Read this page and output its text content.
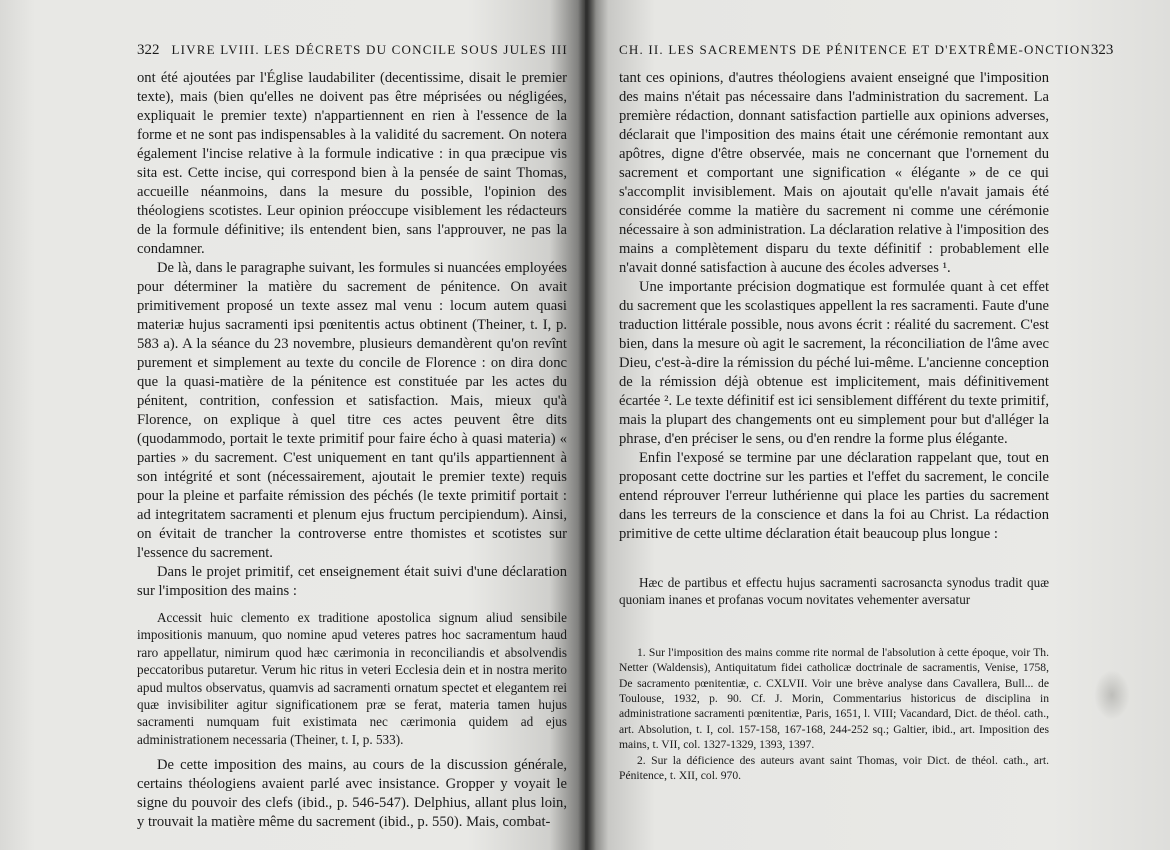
322 LIVRE LVIII. LES DÉCRETS DU CONCILE SOUS JULES III

ont été ajoutées par l'Église laudabiliter (decentissime, disait le premier texte), mais (bien qu'elles ne doivent pas être méprisées ou négligées, expliquait le premier texte) n'appartiennent en rien à l'essence de la forme et ne sont pas indispensables à la validité du sacrement. On notera également l'incise relative à la formule indicative : in qua præcipue vis sita est. Cette incise, qui correspond bien à la pensée de saint Thomas, accueille néanmoins, dans la mesure du possible, l'opinion des théologiens scotistes. Leur opinion préoccupe visiblement les rédacteurs de la formule définitive; ils entendent bien, sans l'approuver, ne pas la condamner.

De là, dans le paragraphe suivant, les formules si nuancées employées pour déterminer la matière du sacrement de pénitence. On avait primitivement proposé un texte assez mal venu : locum autem quasi materiæ hujus sacramenti ipsi pœnitentis actus obtinent (Theiner, t. I, p. 583 a). A la séance du 23 novembre, plusieurs demandèrent qu'on revînt purement et simplement au texte du concile de Florence : on dira donc que la quasi-matière de la pénitence est constituée par les actes du pénitent, contrition, confession et satisfaction. Mais, mieux qu'à Florence, on explique à quel titre ces actes peuvent être dits (quodammodo, portait le texte primitif pour faire écho à quasi materia) « parties » du sacrement. C'est uniquement en tant qu'ils appartiennent à son intégrité et sont (nécessairement, ajoutait le premier texte) requis pour la pleine et parfaite rémission des péchés (le texte primitif portait : ad integritatem sacramenti et plenum ejus fructum percipiendum). Ainsi, on évitait de trancher la controverse entre thomistes et scotistes sur l'essence du sacrement.

Dans le projet primitif, cet enseignement était suivi d'une déclaration sur l'imposition des mains :

Accessit huic clemento ex traditione apostolica signum aliud sensibile impositionis manuum, quo nomine apud veteres patres hoc sacramentum haud raro appellatur, nimirum quod hæc cærimonia in reconciliandis et absolvendis peccatoribus putaretur. Verum hic ritus in veteri Ecclesia dein et in nostra merito apud multos observatus, quamvis ad sacramenti ornatum spectet et elegantem rei quæ invisibiliter agitur significationem præ se ferat, materia tamen hujus sacramenti numquam fuit existimata nec cærimonia quidem ad ejus administrationem necessaria (Theiner, t. I, p. 533).

De cette imposition des mains, au cours de la discussion générale, certains théologiens avaient parlé avec insistance. Gropper y voyait le signe du pouvoir des clefs (ibid., p. 546-547). Delphius, allant plus loin, y trouvait la matière même du sacrement (ibid., p. 550). Mais, combat-

CH. II. LES SACREMENTS DE PÉNITENCE ET D'EXTRÊME-ONCTION 323

tant ces opinions, d'autres théologiens avaient enseigné que l'imposition des mains n'était pas nécessaire dans l'administration du sacrement. La première rédaction, donnant satisfaction partielle aux opinions adverses, déclarait que l'imposition des mains était une cérémonie remontant aux apôtres, digne d'être observée, mais ne concernant que l'ornement du sacrement et comportant une signification « élégante » de ce qui s'accomplit invisiblement. Mais on ajoutait qu'elle n'avait jamais été considérée comme la matière du sacrement ni comme une cérémonie nécessaire à son administration. La déclaration relative à l'imposition des mains a complètement disparu du texte définitif : probablement elle n'avait donné satisfaction à aucune des écoles adverses ¹.

Une importante précision dogmatique est formulée quant à cet effet du sacrement que les scolastiques appellent la res sacramenti. Faute d'une traduction littérale possible, nous avons écrit : réalité du sacrement. C'est bien, dans la mesure où agit le sacrement, la réconciliation de l'âme avec Dieu, c'est-à-dire la rémission du péché lui-même. L'ancienne conception de la rémission déjà obtenue est implicitement, mais définitivement écartée ². Le texte définitif est ici sensiblement différent du texte primitif, mais la plupart des changements ont eu simplement pour but d'alléger la phrase, d'en préciser le sens, ou d'en rendre la forme plus élégante.

Enfin l'exposé se termine par une déclaration rappelant que, tout en proposant cette doctrine sur les parties et l'effet du sacrement, le concile entend réprouver l'erreur luthérienne qui place les parties du sacrement dans les terreurs de la conscience et dans la foi au Christ. La rédaction primitive de cette ultime déclaration était beaucoup plus longue :

Hæc de partibus et effectu hujus sacramenti sacrosancta synodus tradit quæ quoniam inanes et profanas vocum novitates vehementer aversatur

1. Sur l'imposition des mains comme rite normal de l'absolution à cette époque, voir Th. Netter (Waldensis), Antiquitatum fidei catholicæ doctrinale de sacramentis, Venise, 1758, De sacramento pœnitentiæ, c. CXLVII. Voir une brève analyse dans Cavallera, Bull... de Toulouse, 1932, p. 90. Cf. J. Morin, Commentarius historicus de disciplina in administratione sacramenti pœnitentiæ, Paris, 1651, l. VIII; Vacandard, Dict. de théol. cath., art. Absolution, t. I, col. 157-158, 167-168, 244-252 sq.; Galtier, ibid., art. Imposition des mains, t. VII, col. 1327-1329, 1393, 1397.

2. Sur la déficience des auteurs avant saint Thomas, voir Dict. de théol. cath., art. Pénitence, t. XII, col. 970.
